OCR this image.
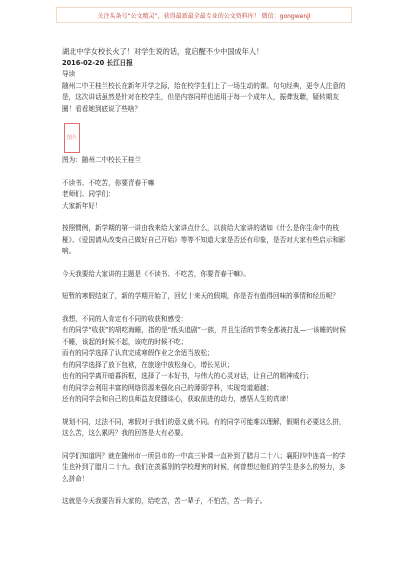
关注头条号“公文精灵”，获得最新最全最专业的公文资料库！ 微信：gongwenjl

湖北中学女校长火了！对学生说的话，竟启醒不少中国成年人！

2016-02-20 长江日报

导读

随州二中王桂兰校长在新年开学之际，给在校学生们上了一场生动的课。句句经典，更令人注意的是，这次讲话虽然是针对在校学生，但是内容同样也适用于每一个成年人，振聋发聩，疑转期友圈！看看她到底说了些啥？

图片

图为：随州二中校长王桂兰

不读书、不吃苦，你要青春干嘛

老师们、同学们：

大家新年好！

按照惯例，新学期的第一讲由我来给大家讲点什么，以前给大家讲的诸如《什么是你生命中的枝桠》、《爱国请从改变自己做好自己开始》等等不知道大家是否还有印象，是否对大家有些启示和影响。

今天我要给大家讲的主题是《不读书、不吃苦，你要青春干嘛》。

短暂的寒假结束了，新的学期开始了，回忆十来天的假期，你是否有值得回味的事情和经历呢？

我想，不同的人肯定有不同的收获和感受：

有的同学“收获”的胡吃海睡，指的是“纸头追剧”一族，并且生活的节奏全都被打乱—一该睡的时候不睡，该起的时候不起，该吃的时候不吃；

而有的同学选择了认真完成寒假作业之余适当放松；

有的同学选择了放下包袱，在旅途中放松身心，增长见识；

也有的同学离开暗暮拆框，选择了一本好书，与伟大的心灵对话，让自己的精神成行；

有的同学会利用丰富的网络资源来强化自己的薄弱学科，实现弯道超越；

还有的同学会和自己的良师益友促膝谈心，获取前进的动力，感悟人生的真谛！

规划不同，过法不同，寒假对于我们的意义就不同。有的同学可能难以理解，假期有必要这么拼，这么苦，这么累吗？我的回答是大有必要。

同学们知道吗？就在随州市一所县市的一中高三补课一直补到了腊月二十八；襄阳四中连高一的学生也补到了腊月二十九。我们在羡慕别的学校理害的时候，何曾想过他们的学生是多么的努力，多么拼命！

这就是今天我要告诉大家的，给吃苦，苦一辈子，不怕苦，苦一阵子。
